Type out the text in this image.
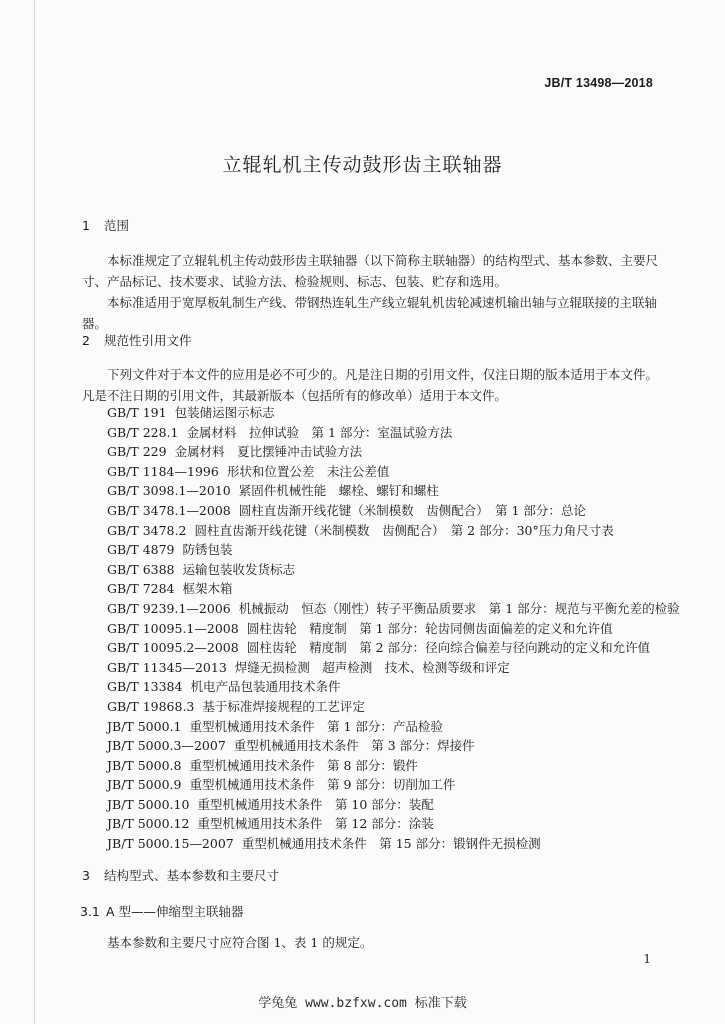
JB/T 13498—2018
立辊轧机主传动鼓形齿主联轴器
1 范围
本标准规定了立辊轧机主传动鼓形齿主联轴器（以下简称主联轴器）的结构型式、基本参数、主要尺寸、产品标记、技术要求、试验方法、检验规则、标志、包装、贮存和选用。
本标准适用于宽厚板轧制生产线、带钢热连轧生产线立辊轧机齿轮减速机输出轴与立辊联接的主联轴器。
2 规范性引用文件
下列文件对于本文件的应用是必不可少的。凡是注日期的引用文件，仅注日期的版本适用于本文件。凡是不注日期的引用文件，其最新版本（包括所有的修改单）适用于本文件。
GB/T 191 包装储运图示标志
GB/T 228.1 金属材料　拉伸试验　第 1 部分：室温试验方法
GB/T 229 金属材料　夏比摆锤冲击试验方法
GB/T 1184—1996 形状和位置公差　未注公差值
GB/T 3098.1—2010 紧固件机械性能　螺栓、螺钉和螺柱
GB/T 3478.1—2008 圆柱直齿渐开线花键（米制模数　齿侧配合）　第 1 部分：总论
GB/T 3478.2 圆柱直齿渐开线花键（米制模数　齿侧配合）　第 2 部分：30°压力角尺寸表
GB/T 4879 防锈包装
GB/T 6388 运输包装收发货标志
GB/T 7284 框架木箱
GB/T 9239.1—2006 机械振动　恒态（刚性）转子平衡品质要求　第 1 部分：规范与平衡允差的检验
GB/T 10095.1—2008 圆柱齿轮　精度制　第 1 部分：轮齿同侧齿面偏差的定义和允许值
GB/T 10095.2—2008 圆柱齿轮　精度制　第 2 部分：径向综合偏差与径向跳动的定义和允许值
GB/T 11345—2013 焊缝无损检测　超声检测　技术、检测等级和评定
GB/T 13384 机电产品包装通用技术条件
GB/T 19868.3 基于标准焊接规程的工艺评定
JB/T 5000.1 重型机械通用技术条件　第 1 部分：产品检验
JB/T 5000.3—2007 重型机械通用技术条件　第 3 部分：焊接件
JB/T 5000.8 重型机械通用技术条件　第 8 部分：锻件
JB/T 5000.9 重型机械通用技术条件　第 9 部分：切削加工件
JB/T 5000.10 重型机械通用技术条件　第 10 部分：装配
JB/T 5000.12 重型机械通用技术条件　第 12 部分：涂装
JB/T 5000.15—2007 重型机械通用技术条件　第 15 部分：锻钢件无损检测
3 结构型式、基本参数和主要尺寸
3.1 A 型——伸缩型主联轴器
基本参数和主要尺寸应符合图 1、表 1 的规定。
1
学兔兔 www.bzfxw.com 标准下载
